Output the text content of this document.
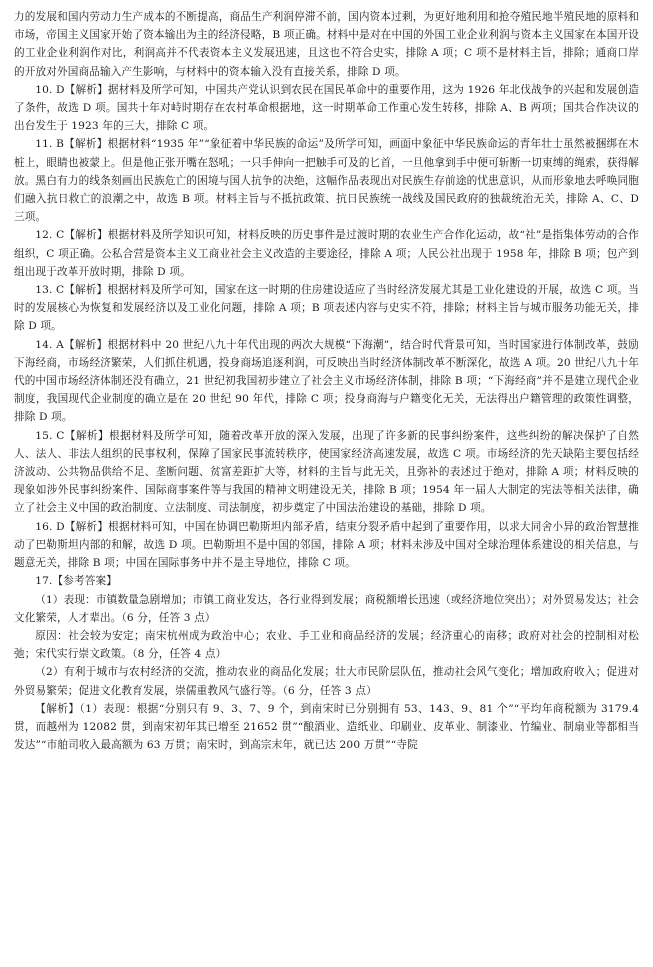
力的发展和国内劳动力生产成本的不断提高，商品生产利润停滞不前，国内资本过剩，为更好地利用和抢夺殖民地半殖民地的原料和市场，帝国主义国家开始了资本输出为主的经济侵略，B 项正确。材料中是对在中国的外国工业企业利润与资本主义国家在本国开设的工业企业利润作对比，利润高并不代表资本主义发展迅速，且这也不符合史实，排除 A 项；C 项不是材料主旨，排除；通商口岸的开放对外国商品输入产生影响，与材料中的资本输入没有直接关系，排除 D 项。

10. D【解析】据材料及所学可知，中国共产党认识到农民在国民革命中的重要作用，这为 1926 年北伐战争的兴起和发展创造了条件，故选 D 项。国共十年对峙时期存在农村革命根据地，这一时期革命工作重心发生转移，排除 A、B 两项；国共合作决议的出台发生于 1923 年的三大，排除 C 项。

11. B【解析】根据材料“1935 年”“象征着中华民族的命运”及所学可知，画面中象征中华民族命运的青年壮士虽然被捆绑在木桩上，眼睛也被蒙上。但是他正张开嘴在怒吼；一只手伸向一把触手可及的匕首，一旦他拿到手中便可斩断一切束缚的绳索，获得解放。黑白有力的线条刻画出民族危亡的困境与国人抗争的决绝，这幅作品表现出对民族生存前途的忧患意识，从而形象地去呼唤同胞们融入抗日救亡的浪潮之中，故选 B 项。材料主旨与不抵抗政策、抗日民族统一战线及国民政府的独裁统治无关，排除 A、C、D 三项。

12. C【解析】根据材料及所学知识可知，材料反映的历史事件是过渡时期的农业生产合作化运动，故“社”是指集体劳动的合作组织，C 项正确。公私合营是资本主义工商业社会主义改造的主要途径，排除 A 项；人民公社出现于 1958 年，排除 B 项；包产到组出现于改革开放时期，排除 D 项。

13. C【解析】根据材料及所学可知，国家在这一时期的住房建设适应了当时经济发展尤其是工业化建设的开展，故选 C 项。当时的发展核心为恢复和发展经济以及工业化问题，排除 A 项；B 项表述内容与史实不符，排除；材料主旨与城市服务功能无关，排除 D 项。

14. A【解析】根据材料中 20 世纪八九十年代出现的两次大规模“下海潮”，结合时代背景可知，当时国家进行体制改革，鼓励下海经商，市场经济繁荣，人们抓住机遇，投身商场追逐利润，可反映出当时经济体制改革不断深化，故选 A 项。20 世纪八九十年代的中国市场经济体制还没有确立，21 世纪初我国初步建立了社会主义市场经济体制，排除 B 项；“下海经商”并不是建立现代企业制度，我国现代企业制度的确立是在 20 世纪 90 年代，排除 C 项；投身商海与户籍变化无关，无法得出户籍管理的政策性调整，排除 D 项。

15. C【解析】根据材料及所学可知，随着改革开放的深入发展，出现了许多新的民事纠纷案件，这些纠纷的解决保护了自然人、法人、非法人组织的民事权利，保障了国家民事流转秩序，使国家经济高速发展，故选 C 项。市场经济的先天缺陷主要包括经济波动、公共物品供给不足、垄断问题、贫富差距扩大等，材料的主旨与此无关，且弥补的表述过于绝对，排除 A 项；材料反映的现象如涉外民事纠纷案件、国际商事案件等与我国的精神文明建设无关，排除 B 项；1954 年一届人大制定的宪法等相关法律，确立了社会主义中国的政治制度、立法制度、司法制度，初步奠定了中国法治建设的基础，排除 D 项。

16. D【解析】根据材料可知，中国在协调巴勒斯坦内部矛盾，结束分裂矛盾中起到了重要作用，以求大同舍小异的政治智慧推动了巴勒斯坦内部的和解，故选 D 项。巴勒斯坦不是中国的邻国，排除 A 项；材料未涉及中国对全球治理体系建设的相关信息，与题意无关，排除 B 项；中国在国际事务中并不是主导地位，排除 C 项。

17.【参考答案】

（1）表现：市镇数量急剧增加；市镇工商业发达，各行业得到发展；商税额增长迅速（或经济地位突出）；对外贸易发达；社会文化繁荣，人才辈出。（6 分，任答 3 点）

原因：社会较为安定；南宋杭州成为政治中心；农业、手工业和商品经济的发展；经济重心的南移；政府对社会的控制相对松弛；宋代实行崇文政策。（8 分，任答 4 点）

（2）有利于城市与农村经济的交流，推动农业的商品化发展；壮大市民阶层队伍，推动社会风气变化；增加政府收入；促进对外贸易繁荣；促进文化教育发展，崇儒重教风气盛行等。（6 分，任答 3 点）

【解析】（1）表现：根据“分别只有 9、3、7、9 个，到南宋时已分别拥有 53、143、9、81 个”“平均年商税额为 3179.4 贯，而越州为 12082 贯，到南宋初年其已增至 21652 贯”“酿酒业、造纸业、印刷业、皮革业、制漆业、竹编业、制扇业等都相当发达”“市舶司收入最高额为 63 万贯；南宋时，到高宗末年，就已达 200 万贯”“寺院
